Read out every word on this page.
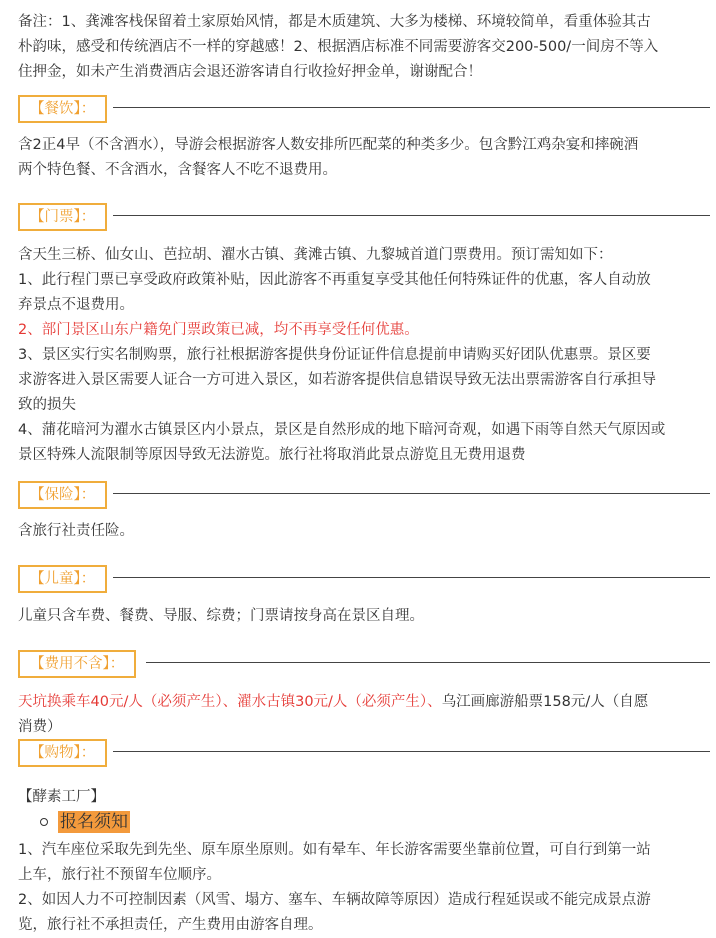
备注：1、龚滩客栈保留着土家原始风情，都是木质建筑、大多为楼梯、环境较简单，看重体验其古
朴韵味，感受和传统酒店不一样的穿越感！2、根据酒店标准不同需要游客交200-500/一间房不等入
住押金，如未产生消费酒店会退还游客请自行收捡好押金单，谢谢配合！

【餐饮】：

含2正4早（不含酒水），导游会根据游客人数安排所匹配菜的种类多少。包含黔江鸡杂宴和摔碗酒
两个特色餐、不含酒水，含餐客人不吃不退费用。

【门票】：

含天生三桥、仙女山、芭拉胡、濯水古镇、龚滩古镇、九黎城首道门票费用。预订需知如下：
1、此行程门票已享受政府政策补贴，因此游客不再重复享受其他任何特殊证件的优惠，客人自动放
弃景点不退费用。
2、部门景区山东户籍免门票政策已减，均不再享受任何优惠。
3、景区实行实名制购票，旅行社根据游客提供身份证证件信息提前申请购买好团队优惠票。景区要
求游客进入景区需要人证合一方可进入景区，如若游客提供信息错误导致无法出票需游客自行承担导
致的损失
4、蒲花暗河为濯水古镇景区内小景点，景区是自然形成的地下暗河奇观，如遇下雨等自然天气原因或
景区特殊人流限制等原因导致无法游览。旅行社将取消此景点游览且无费用退费

【保险】：

含旅行社责任险。

【儿童】：

儿童只含车费、餐费、导服、综费；门票请按身高在景区自理。

【费用不含】：

天坑换乘车40元/人（必须产生）、濯水古镇30元/人（必须产生）、乌江画廊游船票158元/人（自愿
消费）

【购物】：

【酵素工厂】

报名须知

1、汽车座位采取先到先坐、原车原坐原则。如有晕车、年长游客需要坐靠前位置，可自行到第一站
上车，旅行社不预留车位顺序。
2、如因人力不可控制因素（风雪、塌方、塞车、车辆故障等原因）造成行程延误或不能完成景点游
览，旅行社不承担责任，产生费用由游客自理。
